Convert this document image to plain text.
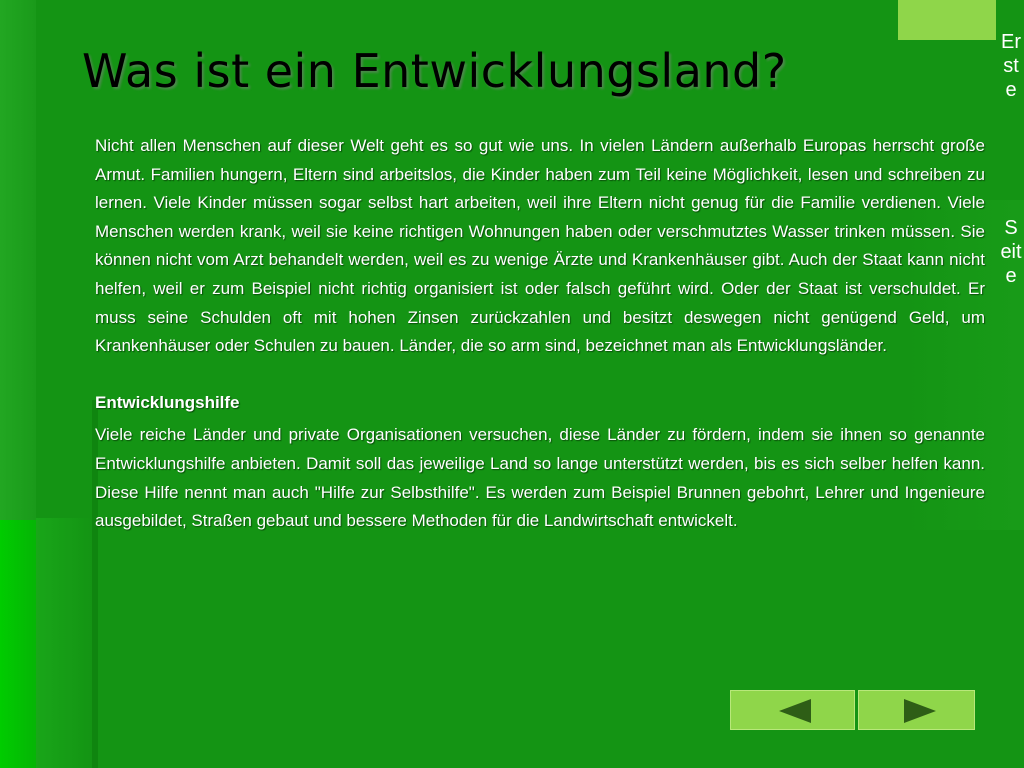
Erste
Seite
Was ist ein Entwicklungsland?

Nicht allen Menschen auf dieser Welt geht es so gut wie uns. In vielen Ländern außerhalb Europas herrscht große Armut. Familien hungern, Eltern sind arbeitslos, die Kinder haben zum Teil keine Möglichkeit, lesen und schreiben zu lernen. Viele Kinder müssen sogar selbst hart arbeiten, weil ihre Eltern nicht genug für die Familie verdienen. Viele Menschen werden krank, weil sie keine richtigen Wohnungen haben oder verschmutztes Wasser trinken müssen. Sie können nicht vom Arzt behandelt werden, weil es zu wenige Ärzte und Krankenhäuser gibt. Auch der Staat kann nicht helfen, weil er zum Beispiel nicht richtig organisiert ist oder falsch geführt wird. Oder der Staat ist verschuldet. Er muss seine Schulden oft mit hohen Zinsen zurückzahlen und besitzt deswegen nicht genügend Geld, um Krankenhäuser oder Schulen zu bauen. Länder, die so arm sind, bezeichnet man als Entwicklungsländer.

Entwicklungshilfe

Viele reiche Länder und private Organisationen versuchen, diese Länder zu fördern, indem sie ihnen so genannte Entwicklungshilfe anbieten. Damit soll das jeweilige Land so lange unterstützt werden, bis es sich selber helfen kann. Diese Hilfe nennt man auch "Hilfe zur Selbsthilfe". Es werden zum Beispiel Brunnen gebohrt, Lehrer und Ingenieure ausgebildet, Straßen gebaut und bessere Methoden für die Landwirtschaft entwickelt.
